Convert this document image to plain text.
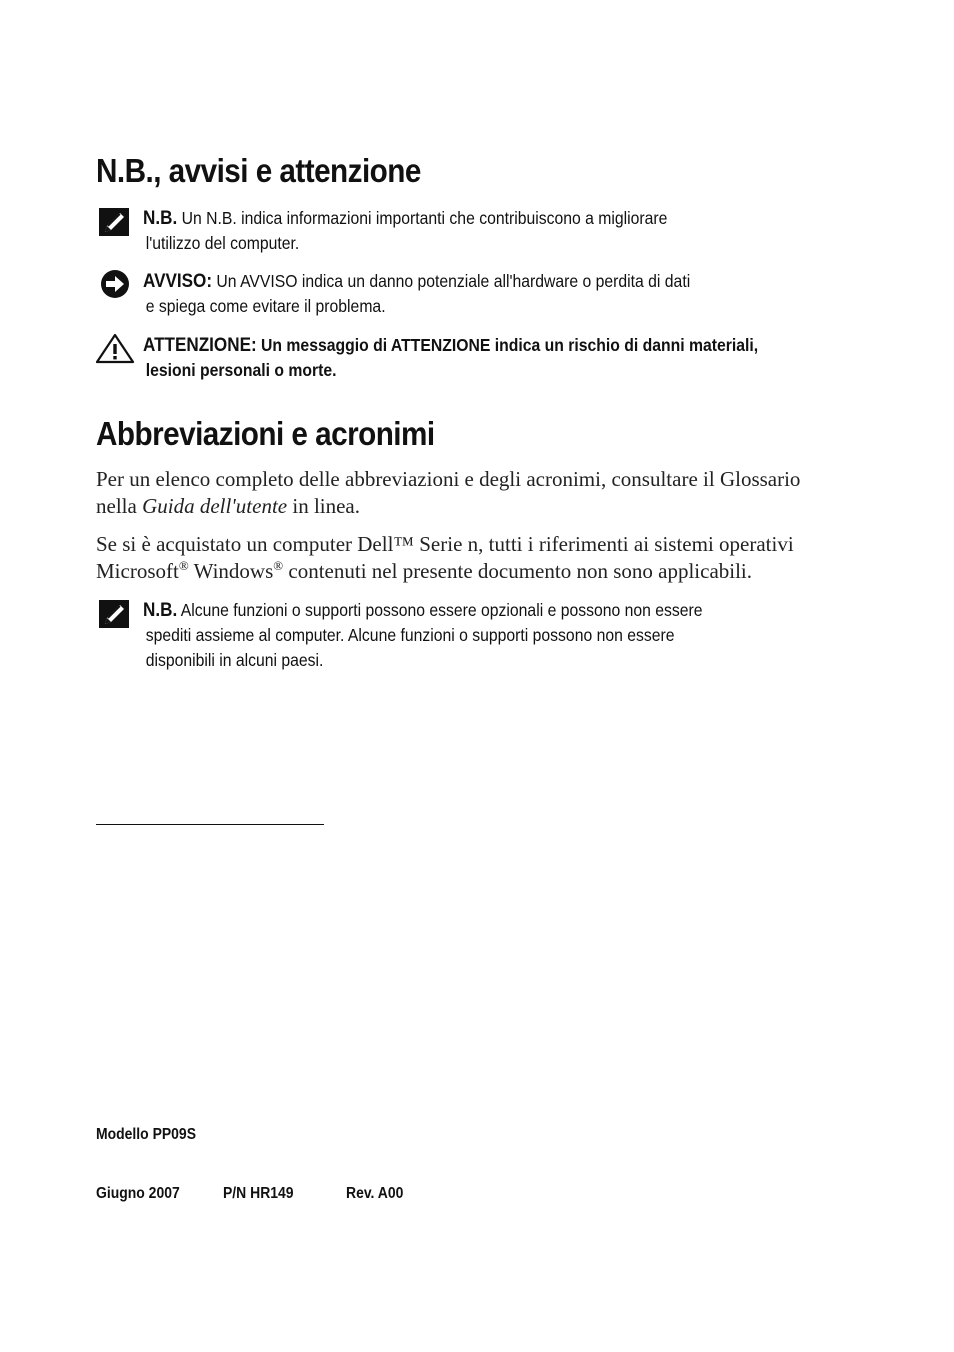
N.B., avvisi e attenzione
N.B. Un N.B. indica informazioni importanti che contribuiscono a migliorare
l'utilizzo del computer.
AVVISO: Un AVVISO indica un danno potenziale all'hardware o perdita di dati
e spiega come evitare il problema.
ATTENZIONE: Un messaggio di ATTENZIONE indica un rischio di danni materiali,
lesioni personali o morte.
Abbreviazioni e acronimi

Per un elenco completo delle abbreviazioni e degli acronimi, consultare il Glossario nella Guida dell'utente in linea.

Se si è acquistato un computer Dell™ Serie n, tutti i riferimenti ai sistemi operativi Microsoft® Windows® contenuti nel presente documento non sono applicabili.

N.B. Alcune funzioni o supporti possono essere opzionali e possono non essere
spediti assieme al computer. Alcune funzioni o supporti possono non essere
disponibili in alcuni paesi.
Modello PP09S
Giugno 2007	P/N HR149	Rev. A00
